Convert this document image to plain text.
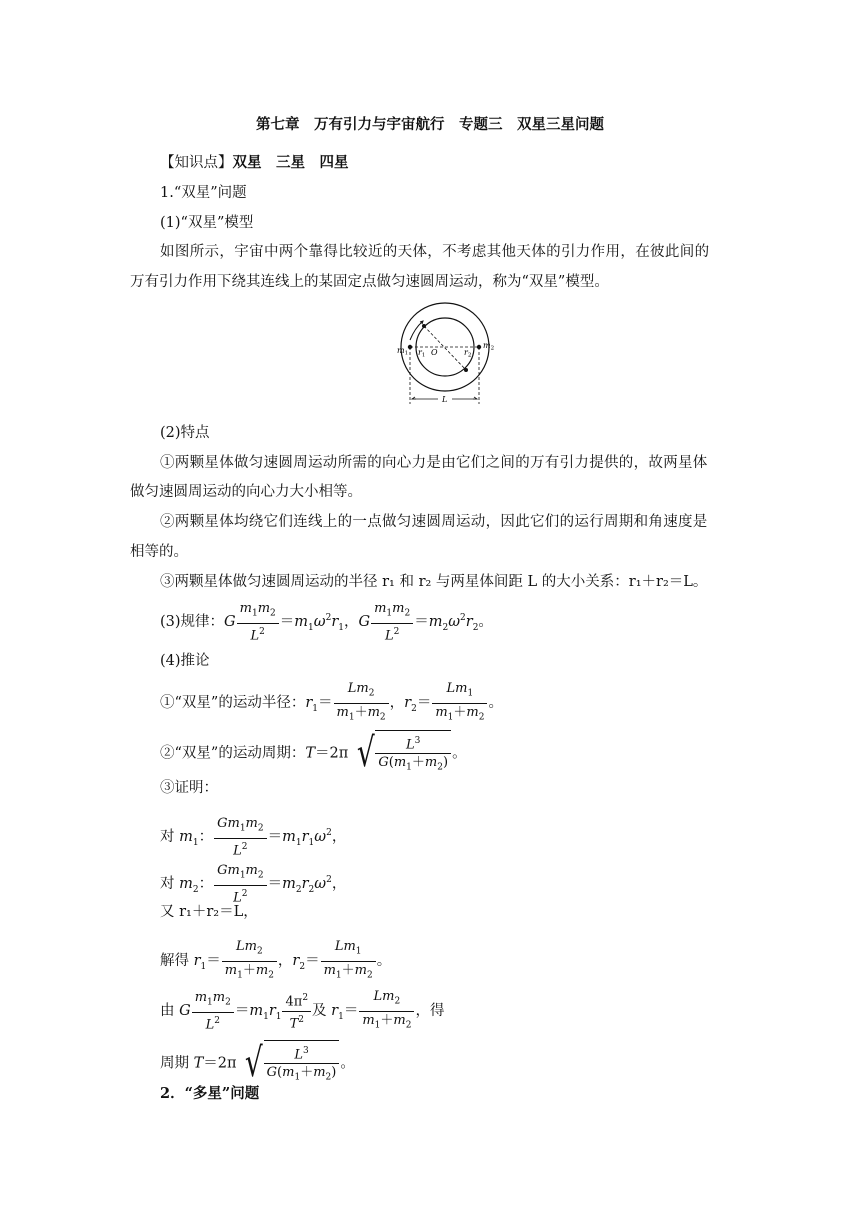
第七章　万有引力与宇宙航行　专题三　双星三星问题
【知识点】双星　三星　四星
1.“双星”问题
(1)“双星”模型
如图所示，宇宙中两个靠得比较近的天体，不考虑其他天体的引力作用，在彼此间的
万有引力作用下绕其连线上的某固定点做匀速圆周运动，称为“双星”模型。
m1 r1 O	r2
m2
L
(2)特点
①两颗星体做匀速圆周运动所需的向心力是由它们之间的万有引力提供的，故两星体
做匀速圆周运动的向心力大小相等。
②两颗星体均绕它们连线上的一点做匀速圆周运动，因此它们的运行周期和角速度是
相等的。
③两颗星体做匀速圆周运动的半径 r₁ 和 r₂ 与两星体间距 L 的大小关系：r₁＋r₂＝L。
(3)规律：G $\frac{m_1m_2}{L^2} =m_1\omega^2r_1$，G $\frac{m_1m_2}{L^2} =m_2\omega^2r_2$。
(4)推论
①“双星”的运动半径：$r_1= \frac{Lm_2}{m_1+m_2}$ ，$r_2= \frac{Lm_1}{m_1+m_2}$ 。
②“双星”的运动周期：T＝2π √ $\frac{L^3}{G(m_1+m_2)}$ 。
③证明：
对 $m_1$： $\frac{Gm_1m_2}{L^2} =m_1r_1\omega^2$，
对 $m_2$： $\frac{Gm_1m_2}{L^2} =m_2r_2\omega^2$，
又 r₁＋r₂＝L，
解得 $r_1= \frac{Lm_2}{m_1+m_2}$ ，$r_2= \frac{Lm_1}{m_1+m_2}$ 。
由 G $\frac{m_1m_2}{L^2} =m_1r_1 \frac{4\pi^2}{T^2}$ 及 $r_1= \frac{Lm_2}{m_1+m_2}$ ，得
周期 T＝2π √ $\frac{L^3}{G(m_1+m_2)}$ 。
2．“多星”问题
